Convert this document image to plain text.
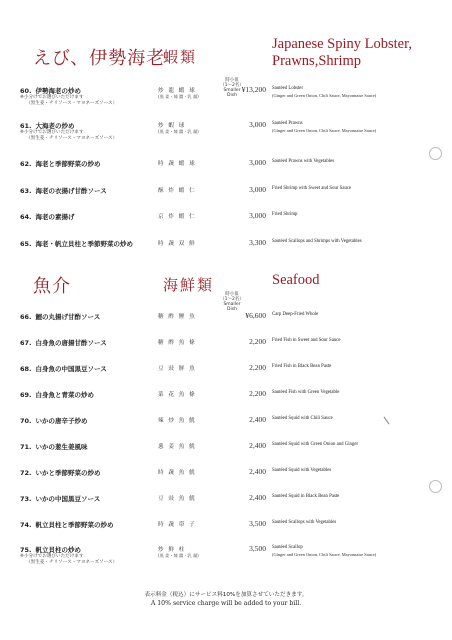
えび、伊勢海老
蝦類
Japanese Spiny Lobster,
Prawns,Shrimp
時小皿（1〜2名）
Smaller Dish
60. 伊勢海老の炒め
※小分けでお選びいただけます
（黒生姜・チリソース・マヨネーズソース）
炒 龍 蝦 球
(黒 姜・辣 醬・乳 醤)
¥13,200 Sautéed Lobster
(Ginger and Green Onion, Chili Sauce, Mayonnaise Sauce)
61. 大海老の炒め
※小分けでお選びいただけます
（黒生姜・チリソース・マヨネーズソース）
炒 蝦 球
(黒 姜・辣 醬・乳 醤)
3,000 Sautéed Prawns
(Ginger and Green Onion, Chili Sauce, Mayonnaise Sauce)
62. 海老と季節野菜の炒め	時 蔬 蝦 球	3,000 Sautéed Prawns with Vegetables
63. 海老の衣揚げ甘酢ソース	酥 炸 蝦 仁	3,000 Fried Shrimp with Sweet and Sour Sauce
64. 海老の素揚げ	京 炸 蝦 仁	3,000 Fried Shrimp
65. 海老・帆立貝柱と季節野菜の炒め	時 蔬 双 鮮	3,300 Sautéed Scallops and Shrimps with Vegetables
魚介	海鮮類	Seafood
時小皿（1〜2名）
Smaller Dish
66. 鯉の丸揚げ甘酢ソース	糖 酢 鯉 魚	¥6,600 Carp Deep-Fried Whole
67. 白身魚の唐揚甘酢ソース	糖 酢 魚 條	2,200 Fried Fish in Sweet and Sour Sauce
68. 白身魚の中国黒豆ソース	豆 豉 鮮 魚	2,200 Fried Fish in Black Bean Paste
69. 白身魚と青菜の炒め	菜 花 魚 條	2,200 Sautéed Fish with Green Vegetable
70. いかの唐辛子炒め	辣 炒 魚 魷	2,400 Sautéed Squid with Chili Sauce
71. いかの葱生姜風味	葱 姜 魚 魷	2,400 Sautéed Squid with Green Onion and Ginger
72. いかと季節野菜の炒め	時 蔬 魚 魷	2,400 Sautéed Squid with Vegetables
73. いかの中国黒豆ソース	豆 豉 魚 魷	2,400 Sautéed Squid in Black Bean Paste
74. 帆立貝柱と季節野菜の炒め	時 蔬 帯 子	3,500 Sautéed Scallops with Vegetables
75. 帆立貝柱の炒め
※小分けでお選びいただけます
（黒生姜・チリソース・マヨネーズソース）
炒 鮮 柱
(黒 姜・辣 醬・乳 醤)
3,500 Sautéed Scallop
(Ginger and Green Onion, Chili Sauce, Mayonnaise Sauce)
表示料金（税込）にサービス料10%を加算させていただきます。
A 10% service charge will be added to your bill.
